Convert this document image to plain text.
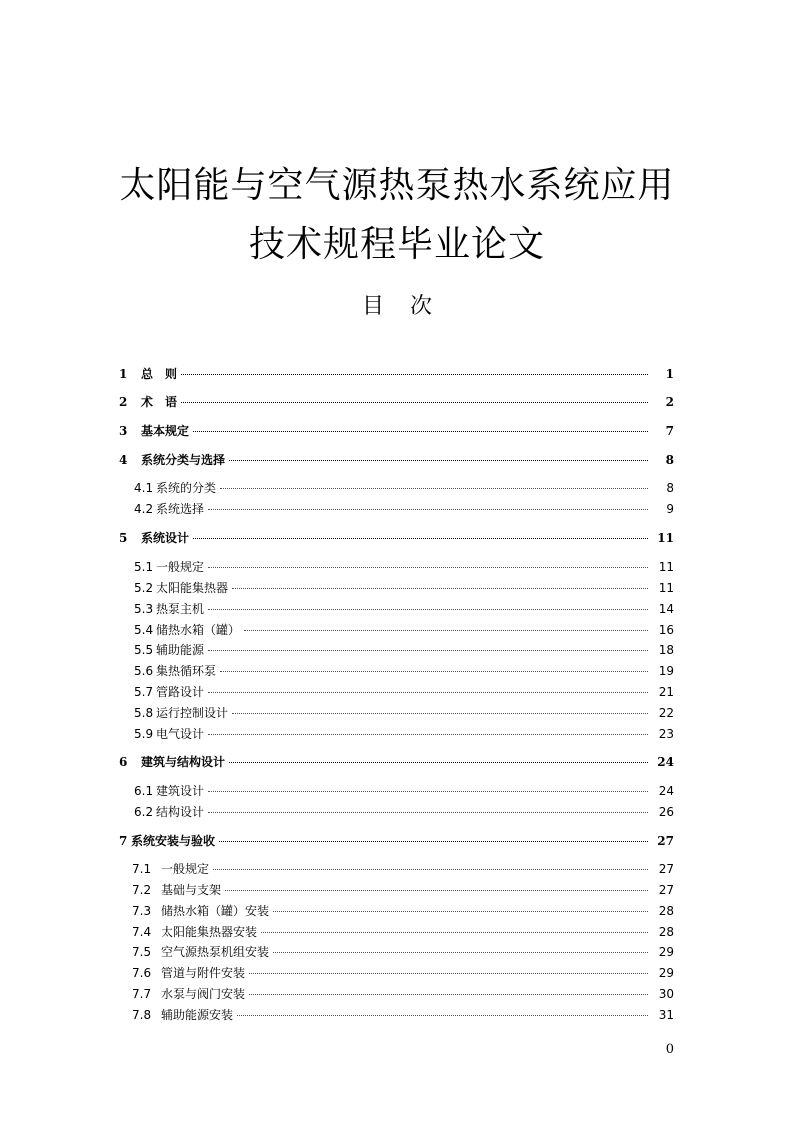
太阳能与空气源热泵热水系统应用
技术规程毕业论文
目 次
1	总　则	1
2	术　语	2
3	基本规定	7
4	系统分类与选择	8
4.1 系统的分类	8
4.2 系统选择	9
5	系统设计	11
5.1 一般规定	11
5.2 太阳能集热器	11
5.3 热泵主机	14
5.4 储热水箱（罐）	16
5.5 辅助能源	18
5.6 集热循环泵	19
5.7 管路设计	21
5.8 运行控制设计	22
5.9 电气设计	23
6	建筑与结构设计	24
6.1 建筑设计	24
6.2 结构设计	26
7 系统安装与验收	27
7.1 一般规定	27
7.2 基础与支架	27
7.3 储热水箱（罐）安装	28
7.4 太阳能集热器安装	28
7.5 空气源热泵机组安装	29
7.6 管道与附件安装	29
7.7 水泵与阀门安装	30
7.8 辅助能源安装	31
0
